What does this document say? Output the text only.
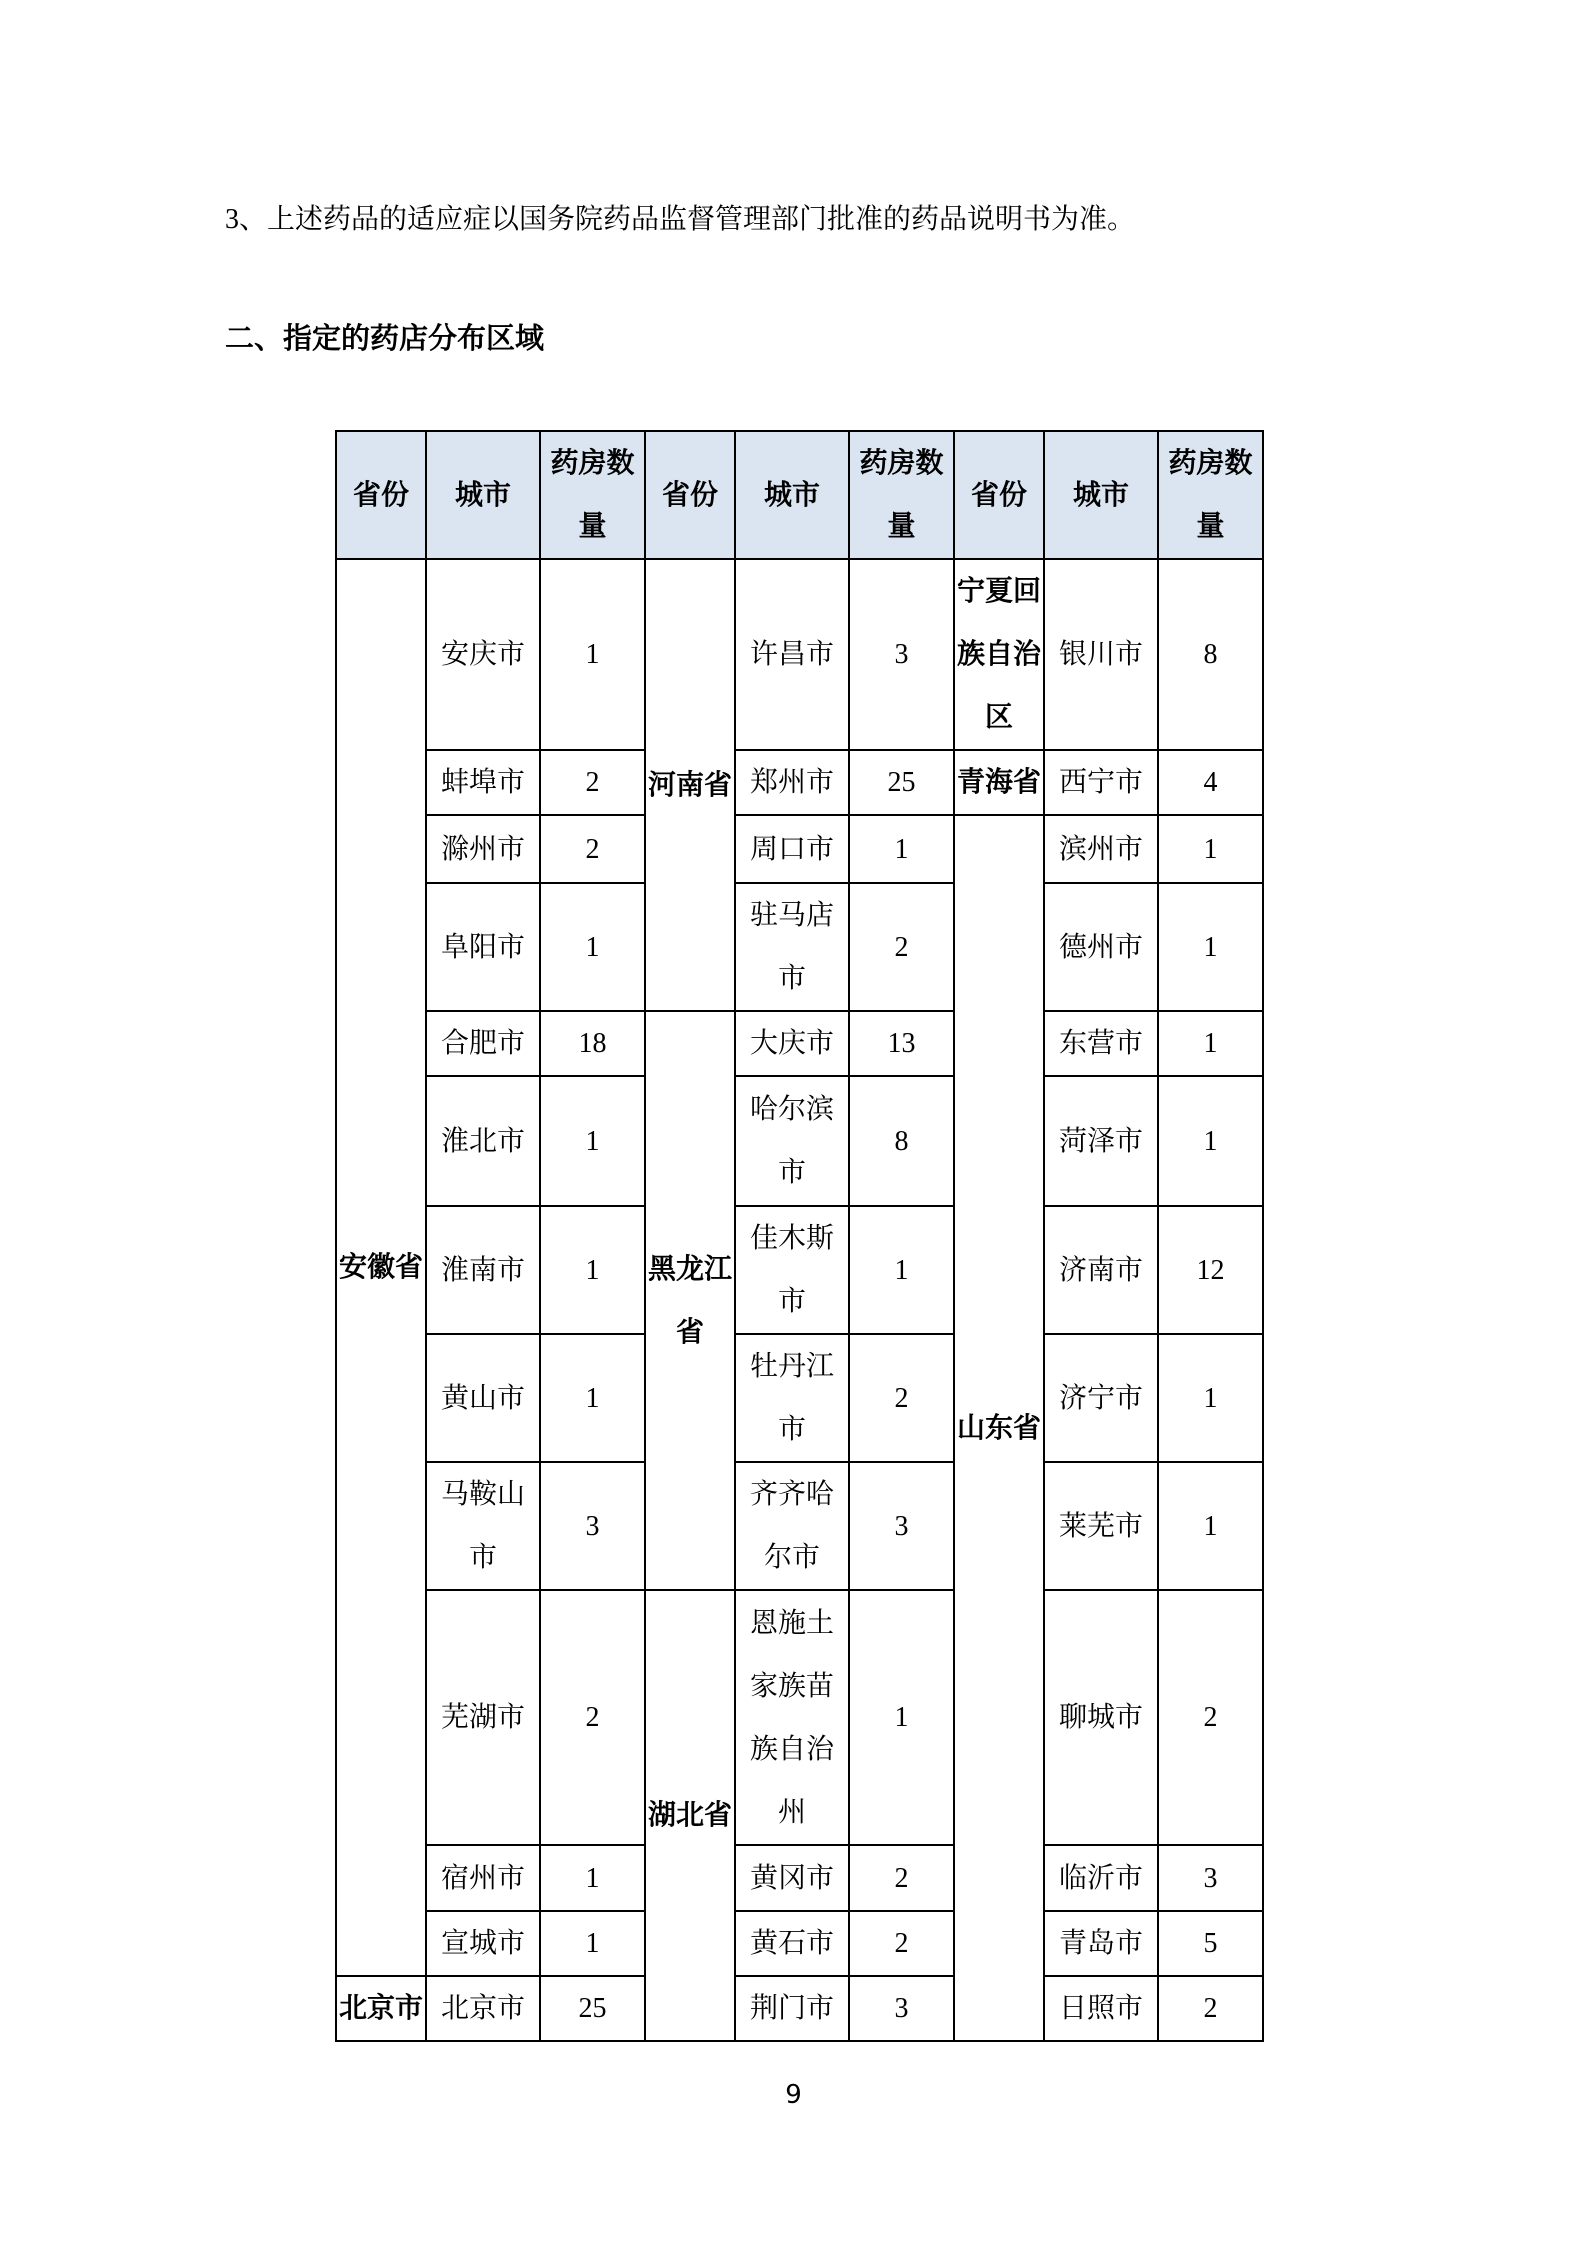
3、上述药品的适应症以国务院药品监督管理部门批准的药品说明书为准。

二、指定的药店分布区域
省份	城市	药房数量	省份	城市	药房数量	省份	城市	药房数量
安徽省	安庆市	1	河南省	许昌市	3	宁夏回族自治区	银川市	8
	蚌埠市	2		郑州市	25	青海省	西宁市	4
	滁州市	2		周口市	1	山东省	滨州市	1
	阜阳市	1		驻马店市	2		德州市	1
	合肥市	18	黑龙江省	大庆市	13		东营市	1
	淮北市	1		哈尔滨市	8		菏泽市	1
	淮南市	1		佳木斯市	1		济南市	12
	黄山市	1		牡丹江市	2		济宁市	1
	马鞍山市	3		齐齐哈尔市	3		莱芜市	1
	芜湖市	2	湖北省	恩施土家族苗族自治州	1		聊城市	2
	宿州市	1		黄冈市	2		临沂市	3
	宣城市	1		黄石市	2		青岛市	5
北京市	北京市	25		荆门市	3		日照市	2
9
